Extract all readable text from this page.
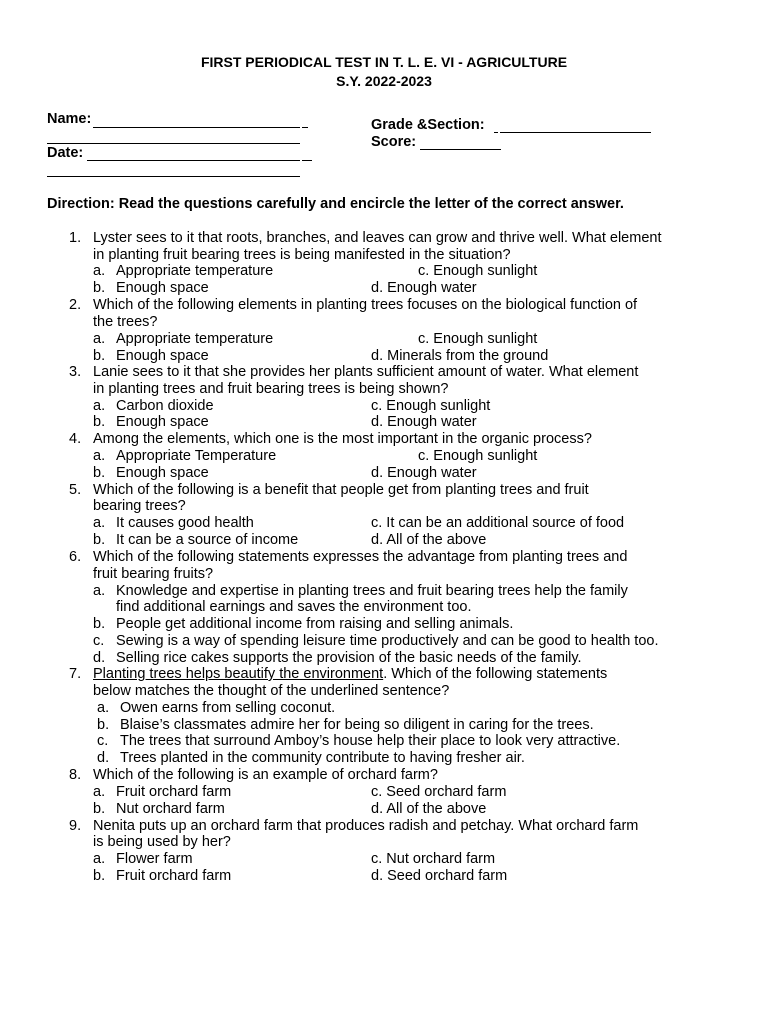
FIRST PERIODICAL TEST IN T. L. E. VI - AGRICULTURE
S.Y. 2022-2023
Name:
Date:
Grade &Section:
Score:
Direction: Read the questions carefully and encircle the letter of the correct answer.
1. Lyster sees to it that roots, branches, and leaves can grow and thrive well. What element
in planting fruit bearing trees is being manifested in the situation?
a. Appropriate temperature	c. Enough sunlight
b. Enough space	d. Enough water
2. Which of the following elements in planting trees focuses on the biological function of
the trees?
a. Appropriate temperature	c. Enough sunlight
b. Enough space	d. Minerals from the ground
3. Lanie sees to it that she provides her plants sufficient amount of water. What element
in planting trees and fruit bearing trees is being shown?
a. Carbon dioxide	c. Enough sunlight
b. Enough space	d. Enough water
4. Among the elements, which one is the most important in the organic process?
a. Appropriate Temperature	c. Enough sunlight
b. Enough space	d. Enough water
5. Which of the following is a benefit that people get from planting trees and fruit
bearing trees?
a. It causes good health	c. It can be an additional source of food
b. It can be a source of income	d. All of the above
6. Which of the following statements expresses the advantage from planting trees and
fruit bearing fruits?
a. Knowledge and expertise in planting trees and fruit bearing trees help the family
find additional earnings and saves the environment too.
b. People get additional income from raising and selling animals.
c. Sewing is a way of spending leisure time productively and can be good to health too.
d. Selling rice cakes supports the provision of the basic needs of the family.
7. Planting trees helps beautify the environment. Which of the following statements
below matches the thought of the underlined sentence?
a. Owen earns from selling coconut.
b. Blaise’s classmates admire her for being so diligent in caring for the trees.
c. The trees that surround Amboy’s house help their place to look very attractive.
d. Trees planted in the community contribute to having fresher air.
8. Which of the following is an example of orchard farm?
a. Fruit orchard farm	c. Seed orchard farm
b. Nut orchard farm	d. All of the above
9. Nenita puts up an orchard farm that produces radish and petchay. What orchard farm
is being used by her?
a. Flower farm	c. Nut orchard farm
b. Fruit orchard farm	d. Seed orchard farm
